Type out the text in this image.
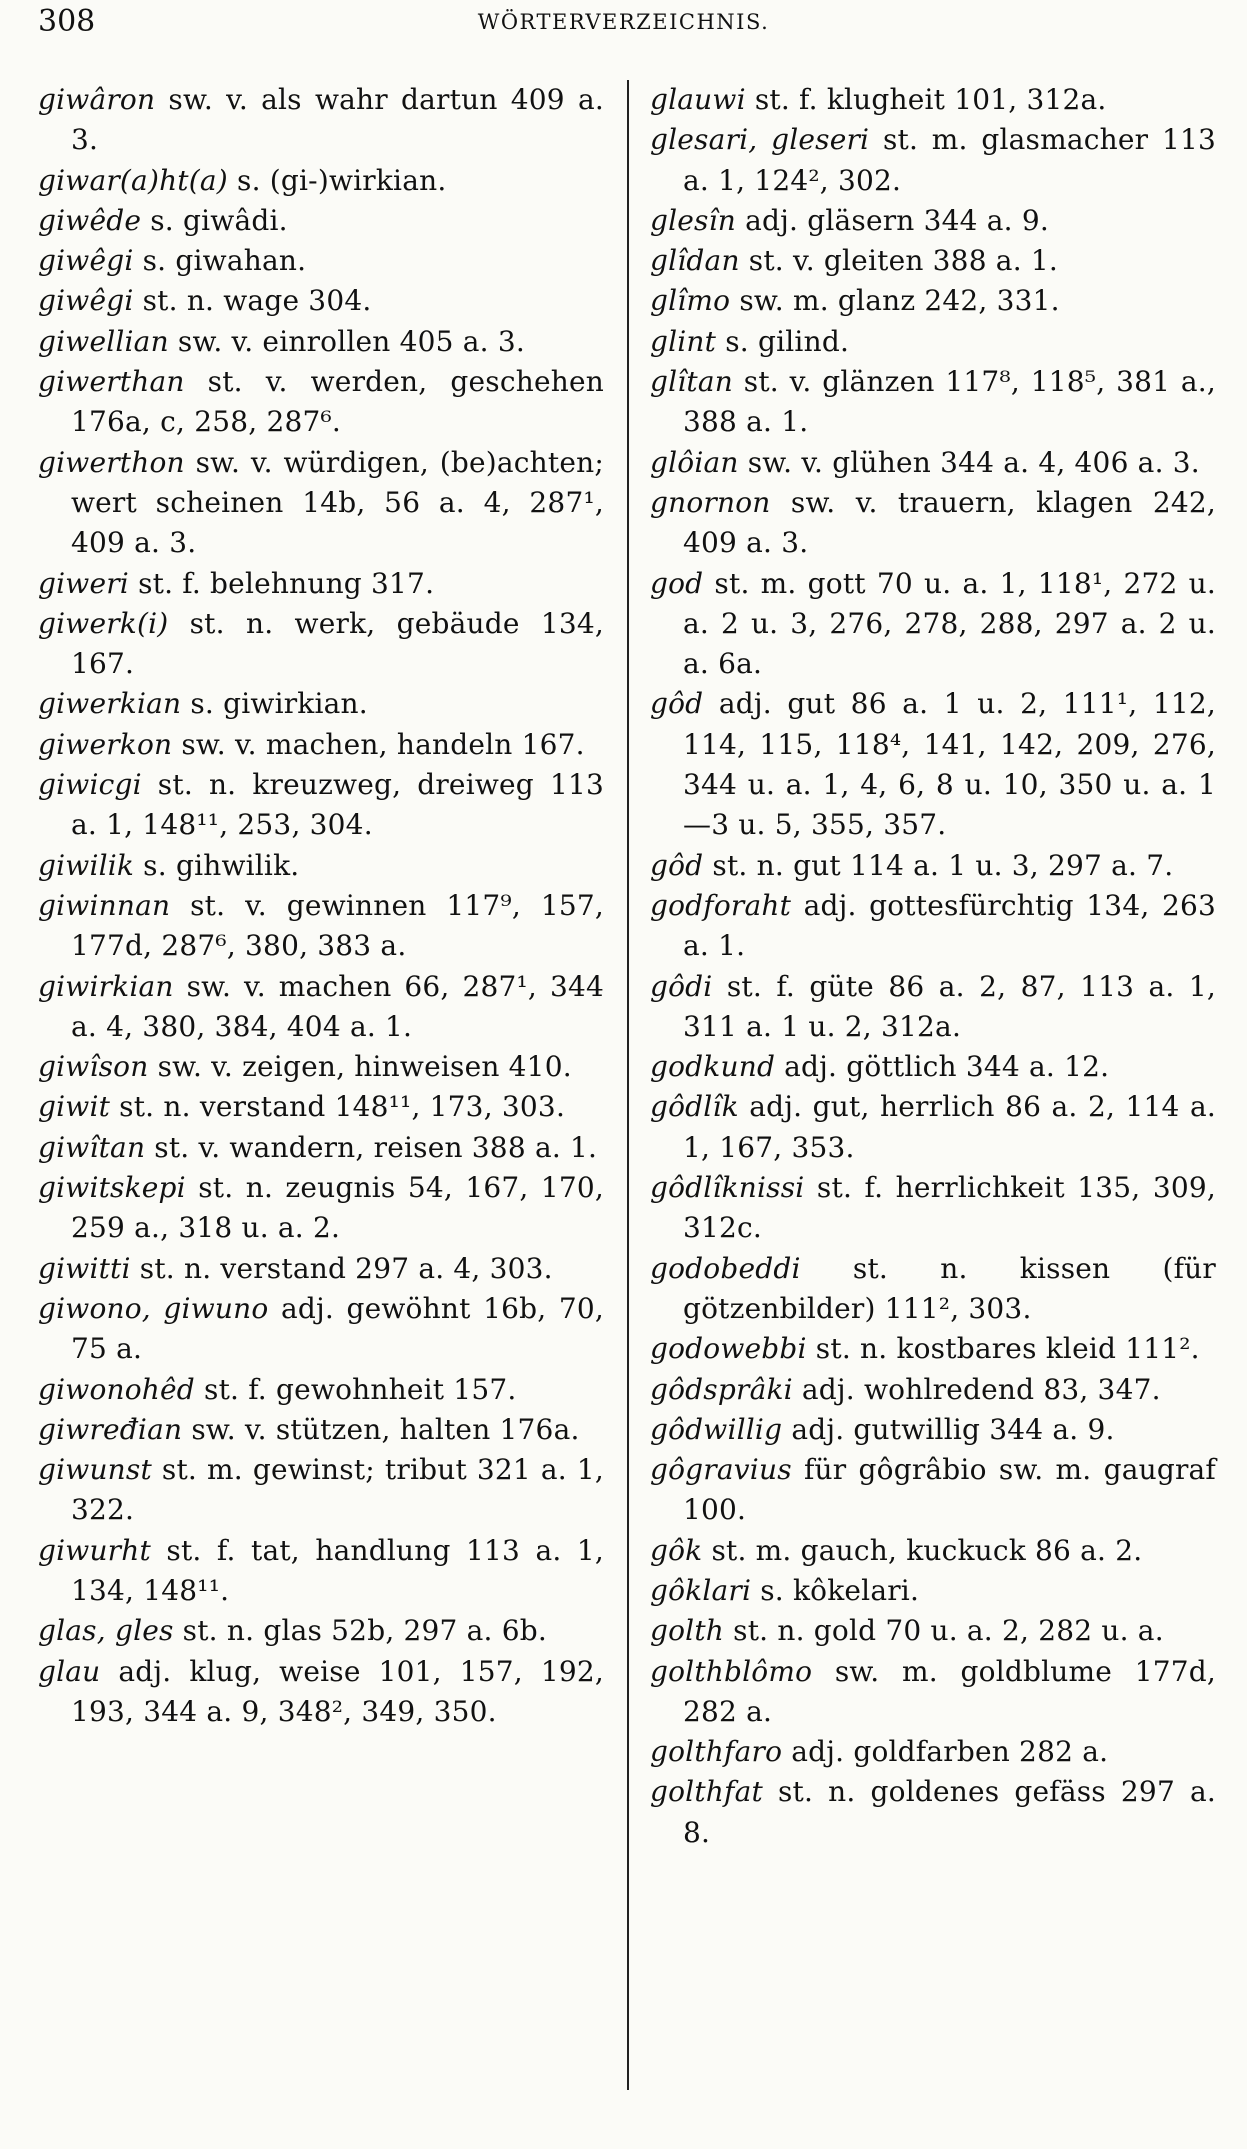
308	WÖRTERVERZEICHNIS.

giwâron sw. v. als wahr dartun 409 a. 3.

giwar(a)ht(a) s. (gi-)wirkian.

giwêde s. giwâdi.

giwêgi s. giwahan.

giwêgi st. n. wage 304.

giwellian sw. v. einrollen 405 a. 3.

giwerthan st. v. werden, geschehen 176a, c, 258, 287⁶.

giwerthon sw. v. würdigen, (be)achten; wert scheinen 14b, 56 a. 4, 287¹, 409 a. 3.

giweri st. f. belehnung 317.

giwerk(i) st. n. werk, gebäude 134, 167.

giwerkian s. giwirkian.

giwerkon sw. v. machen, handeln 167.

giwicgi st. n. kreuzweg, dreiweg 113 a. 1, 148¹¹, 253, 304.

giwilik s. gihwilik.

giwinnan st. v. gewinnen 117⁹, 157, 177d, 287⁶, 380, 383 a.

giwirkian sw. v. machen 66, 287¹, 344 a. 4, 380, 384, 404 a. 1.

giwîson sw. v. zeigen, hinweisen 410.

giwit st. n. verstand 148¹¹, 173, 303.

giwîtan st. v. wandern, reisen 388 a. 1.

giwitskepi st. n. zeugnis 54, 167, 170, 259 a., 318 u. a. 2.

giwitti st. n. verstand 297 a. 4, 303.

giwono, giwuno adj. gewöhnt 16b, 70, 75 a.

giwonohêd st. f. gewohnheit 157.

giwređian sw. v. stützen, halten 176a.

giwunst st. m. gewinst; tribut 321 a. 1, 322.

giwurht st. f. tat, handlung 113 a. 1, 134, 148¹¹.

glas, gles st. n. glas 52b, 297 a. 6b.

glau adj. klug, weise 101, 157, 192, 193, 344 a. 9, 348², 349, 350.

glauwi st. f. klugheit 101, 312a.

glesari, gleseri st. m. glasmacher 113 a. 1, 124², 302.

glesîn adj. gläsern 344 a. 9.

glîdan st. v. gleiten 388 a. 1.

glîmo sw. m. glanz 242, 331.

glint s. gilind.

glîtan st. v. glänzen 117⁸, 118⁵, 381 a., 388 a. 1.

glôian sw. v. glühen 344 a. 4, 406 a. 3.

gnornon sw. v. trauern, klagen 242, 409 a. 3.

god st. m. gott 70 u. a. 1, 118¹, 272 u. a. 2 u. 3, 276, 278, 288, 297 a. 2 u. a. 6a.

gôd adj. gut 86 a. 1 u. 2, 111¹, 112, 114, 115, 118⁴, 141, 142, 209, 276, 344 u. a. 1, 4, 6, 8 u. 10, 350 u. a. 1—3 u. 5, 355, 357.

gôd st. n. gut 114 a. 1 u. 3, 297 a. 7.

godforaht adj. gottesfürchtig 134, 263 a. 1.

gôdi st. f. güte 86 a. 2, 87, 113 a. 1, 311 a. 1 u. 2, 312a.

godkund adj. göttlich 344 a. 12.

gôdlîk adj. gut, herrlich 86 a. 2, 114 a. 1, 167, 353.

gôdlîknissi st. f. herrlichkeit 135, 309, 312c.

godobeddi st. n. kissen (für götzenbilder) 111², 303.

godowebbi st. n. kostbares kleid 111².

gôdsprâki adj. wohlredend 83, 347.

gôdwillig adj. gutwillig 344 a. 9.

gôgravius für gôgrâbio sw. m. gaugraf 100.

gôk st. m. gauch, kuckuck 86 a. 2.

gôklari s. kôkelari.

golth st. n. gold 70 u. a. 2, 282 u. a.

golthblômo sw. m. goldblume 177d, 282 a.

golthfaro adj. goldfarben 282 a.

golthfat st. n. goldenes gefäss 297 a. 8.
